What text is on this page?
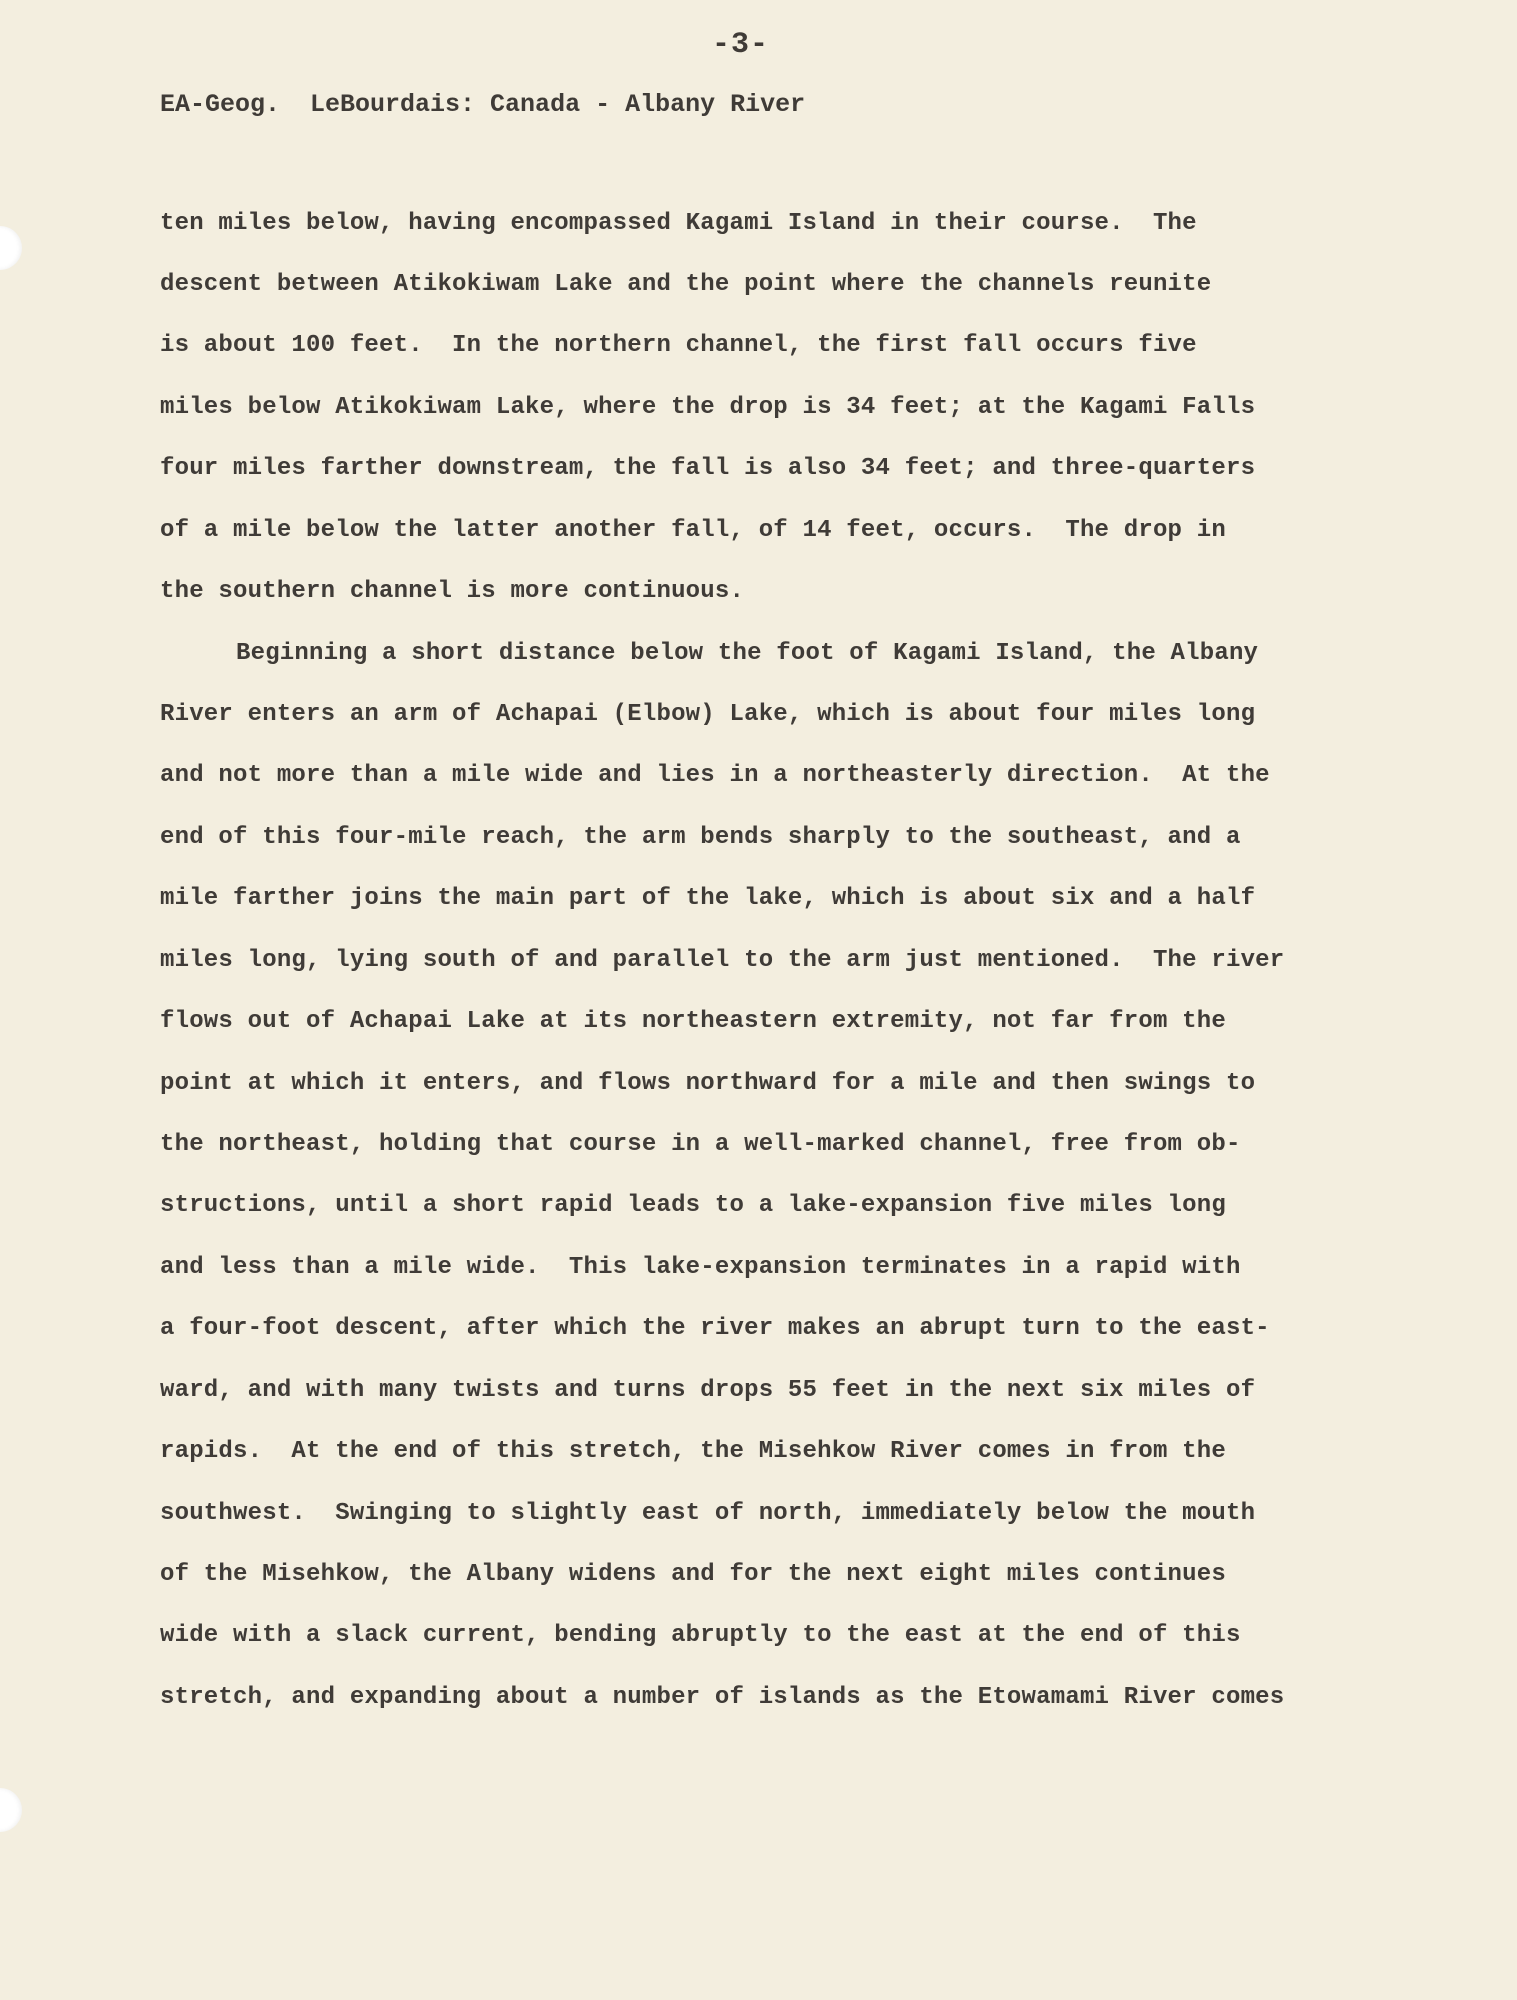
-3-
EA-Geog.  LeBourdais: Canada - Albany River
ten miles below, having encompassed Kagami Island in their course.  The
descent between Atikokiwam Lake and the point where the channels reunite
is about 100 feet.  In the northern channel, the first fall occurs five
miles below Atikokiwam Lake, where the drop is 34 feet; at the Kagami Falls
four miles farther downstream, the fall is also 34 feet; and three-quarters
of a mile below the latter another fall, of 14 feet, occurs.  The drop in
the southern channel is more continuous.
Beginning a short distance below the foot of Kagami Island, the Albany
River enters an arm of Achapai (Elbow) Lake, which is about four miles long
and not more than a mile wide and lies in a northeasterly direction.  At the
end of this four-mile reach, the arm bends sharply to the southeast, and a
mile farther joins the main part of the lake, which is about six and a half
miles long, lying south of and parallel to the arm just mentioned.  The river
flows out of Achapai Lake at its northeastern extremity, not far from the
point at which it enters, and flows northward for a mile and then swings to
the northeast, holding that course in a well-marked channel, free from ob-
structions, until a short rapid leads to a lake-expansion five miles long
and less than a mile wide.  This lake-expansion terminates in a rapid with
a four-foot descent, after which the river makes an abrupt turn to the east-
ward, and with many twists and turns drops 55 feet in the next six miles of
rapids.  At the end of this stretch, the Misehkow River comes in from the
southwest.  Swinging to slightly east of north, immediately below the mouth
of the Misehkow, the Albany widens and for the next eight miles continues
wide with a slack current, bending abruptly to the east at the end of this
stretch, and expanding about a number of islands as the Etowamami River comes
